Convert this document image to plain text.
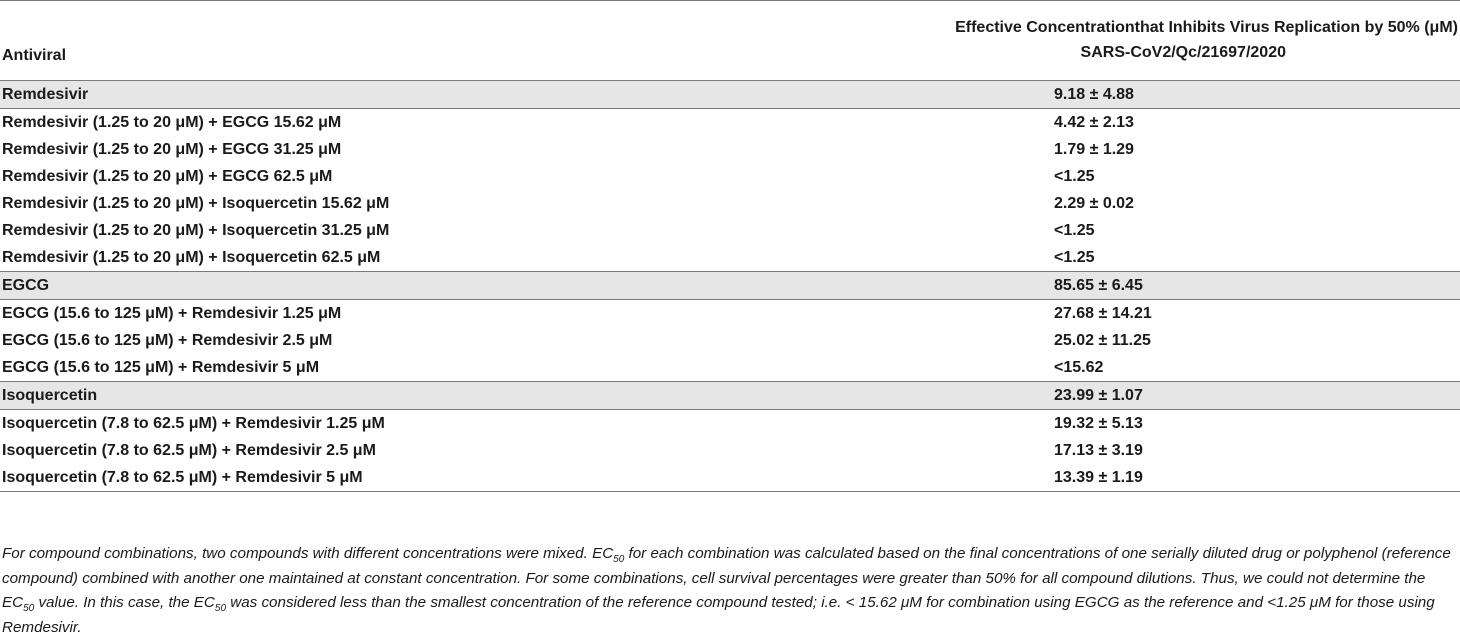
Antiviral	Effective Concentrationthat Inhibits Virus Replication by 50% (μM)
SARS-CoV2/Qc/21697/2020

Remdesivir	9.18 ± 4.88
Remdesivir (1.25 to 20 μM) + EGCG 15.62 μM	4.42 ± 2.13
Remdesivir (1.25 to 20 μM) + EGCG 31.25 μM	1.79 ± 1.29
Remdesivir (1.25 to 20 μM) + EGCG 62.5 μM	<1.25
Remdesivir (1.25 to 20 μM) + Isoquercetin 15.62 μM	2.29 ± 0.02
Remdesivir (1.25 to 20 μM) + Isoquercetin 31.25 μM	<1.25
Remdesivir (1.25 to 20 μM) + Isoquercetin 62.5 μM	<1.25
EGCG	85.65 ± 6.45
EGCG (15.6 to 125 μM) + Remdesivir 1.25 μM	27.68 ± 14.21
EGCG (15.6 to 125 μM) + Remdesivir 2.5 μM	25.02 ± 11.25
EGCG (15.6 to 125 μM) + Remdesivir 5 μM	<15.62
Isoquercetin	23.99 ± 1.07
Isoquercetin (7.8 to 62.5 μM) + Remdesivir 1.25 μM	19.32 ± 5.13
Isoquercetin (7.8 to 62.5 μM) + Remdesivir 2.5 μM	17.13 ± 3.19
Isoquercetin (7.8 to 62.5 μM) + Remdesivir 5 μM	13.39 ± 1.19
For compound combinations, two compounds with different concentrations were mixed. $EC_{50}$ for each combination was calculated based on the final concentrations of one serially diluted drug or polyphenol (reference compound) combined with another one maintained at constant concentration. For some combinations, cell survival percentages were greater than 50% for all compound dilutions. Thus, we could not determine the $EC_{50}$ value. In this case, the $EC_{50}$ was considered less than the smallest concentration of the reference compound tested; i.e. < 15.62 μM for combination using EGCG as the reference and <1.25 μM for those using Remdesivir.
